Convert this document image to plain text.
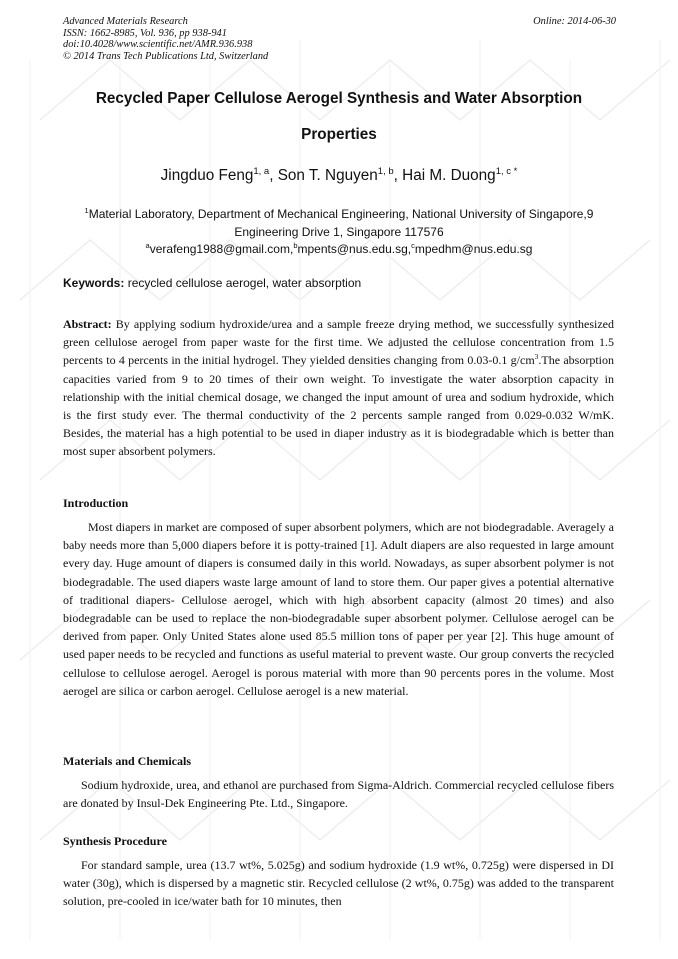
Advanced Materials Research
ISSN: 1662-8985, Vol. 936, pp 938-941
doi:10.4028/www.scientific.net/AMR.936.938
© 2014 Trans Tech Publications Ltd, Switzerland
Online: 2014-06-30
Recycled Paper Cellulose Aerogel Synthesis and Water Absorption
Properties
Jingduo Feng$^{1, a}$, Son T. Nguyen$^{1, b}$, Hai M. Duong$^{1, c *}$
$^1$Material Laboratory, Department of Mechanical Engineering, National University of Singapore,9 Engineering Drive 1, Singapore 117576
$^a$verafeng1988@gmail.com,$^b$mpents@nus.edu.sg,$^c$mpedhm@nus.edu.sg
Keywords: recycled cellulose aerogel, water absorption

Abstract: By applying sodium hydroxide/urea and a sample freeze drying method, we successfully synthesized green cellulose aerogel from paper waste for the first time. We adjusted the cellulose concentration from 1.5 percents to 4 percents in the initial hydrogel. They yielded densities changing from 0.03-0.1 $g/cm^3.The$ absorption capacities varied from 9 to 20 times of their own weight. To investigate the water absorption capacity in relationship with the initial chemical dosage, we changed the input amount of urea and sodium hydroxide, which is the first study ever. The thermal conductivity of the 2 percents sample ranged from 0.029-0.032 W/mK. Besides, the material has a high potential to be used in diaper industry as it is biodegradable which is better than most super absorbent polymers.

Introduction

Most diapers in market are composed of super absorbent polymers, which are not biodegradable. Averagely a baby needs more than 5,000 diapers before it is potty-trained [1]. Adult diapers are also requested in large amount every day. Huge amount of diapers is consumed daily in this world. Nowadays, as super absorbent polymer is not biodegradable. The used diapers waste large amount of land to store them. Our paper gives a potential alternative of traditional diapers- Cellulose aerogel, which with high absorbent capacity (almost 20 times) and also biodegradable can be used to replace the non-biodegradable super absorbent polymer. Cellulose aerogel can be derived from paper. Only United States alone used 85.5 million tons of paper per year [2]. This huge amount of used paper needs to be recycled and functions as useful material to prevent waste. Our group converts the recycled cellulose to cellulose aerogel. Aerogel is porous material with more than 90 percents pores in the volume. Most aerogel are silica or carbon aerogel. Cellulose aerogel is a new material.

Materials and Chemicals

Sodium hydroxide, urea, and ethanol are purchased from Sigma-Aldrich. Commercial recycled cellulose fibers are donated by Insul-Dek Engineering Pte. Ltd., Singapore.

Synthesis Procedure

For standard sample, urea (13.7 wt%, 5.025g) and sodium hydroxide (1.9 wt%, 0.725g) were dispersed in DI water (30g), which is dispersed by a magnetic stir. Recycled cellulose (2 wt%, 0.75g) was added to the transparent solution, pre-cooled in ice/water bath for 10 minutes, then
